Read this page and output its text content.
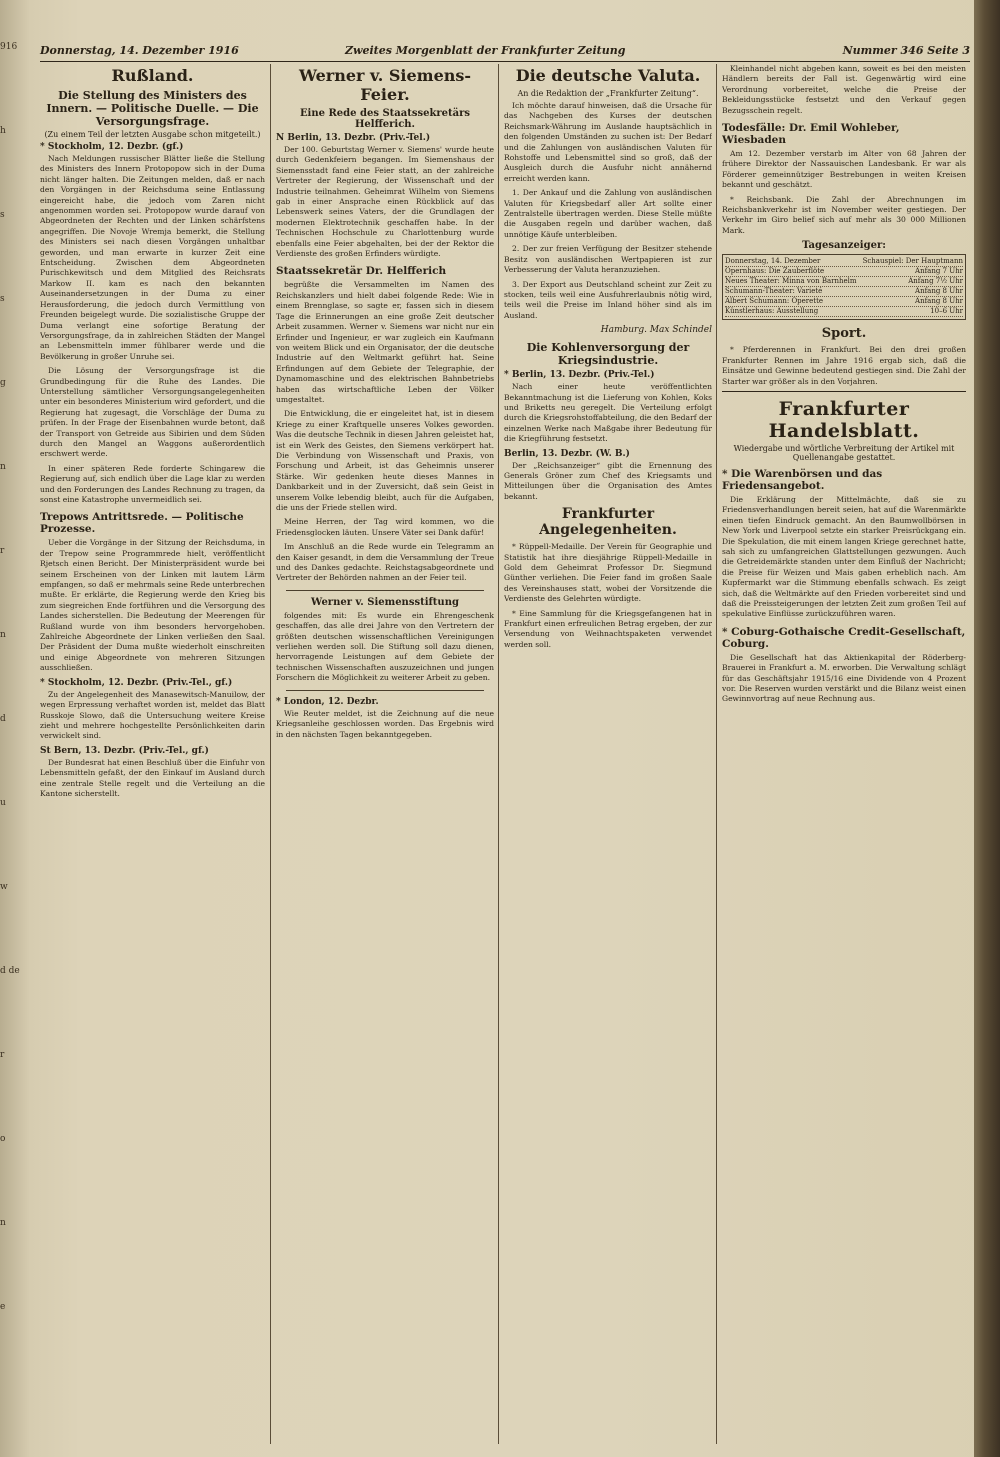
916
h
s
s
g
n
r
n
d
u
w
d de
r
o
n
e
Donnerstag, 14. Dezember 1916	Zweites Morgenblatt der Frankfurter Zeitung	Nummer 346 Seite 3
Rußland.
Die Stellung des Ministers des Innern. — Politische Duelle. — Die Versorgungsfrage.
(Zu einem Teil der letzten Ausgabe schon mitgeteilt.)
* Stockholm, 12. Dezbr. (gf.)

Nach Meldungen russischer Blätter ließe die Stellung des Ministers des Innern Protopopow sich in der Duma nicht länger halten. Die Zeitungen melden, daß er nach den Vorgängen in der Reichsduma seine Entlassung eingereicht habe, die jedoch vom Zaren nicht angenommen worden sei. Protopopow wurde darauf von Abgeordneten der Rechten und der Linken schärfstens angegriffen. Die Novoje Wremja bemerkt, die Stellung des Ministers sei nach diesen Vorgängen unhaltbar geworden, und man erwarte in kurzer Zeit eine Entscheidung. Zwischen dem Abgeordneten Purischkewitsch und dem Mitglied des Reichsrats Markow II. kam es nach den bekannten Auseinandersetzungen in der Duma zu einer Herausforderung, die jedoch durch Vermittlung von Freunden beigelegt wurde. Die sozialistische Gruppe der Duma verlangt eine sofortige Beratung der Versorgungsfrage, da in zahlreichen Städten der Mangel an Lebensmitteln immer fühlbarer werde und die Bevölkerung in großer Unruhe sei.

Die Lösung der Versorgungsfrage ist die Grundbedingung für die Ruhe des Landes. Die Unterstellung sämtlicher Versorgungsangelegenheiten unter ein besonderes Ministerium wird gefordert, und die Regierung hat zugesagt, die Vorschläge der Duma zu prüfen. In der Frage der Eisenbahnen wurde betont, daß der Transport von Getreide aus Sibirien und dem Süden durch den Mangel an Waggons außerordentlich erschwert werde.

In einer späteren Rede forderte Schingarew die Regierung auf, sich endlich über die Lage klar zu werden und den Forderungen des Landes Rechnung zu tragen, da sonst eine Katastrophe unvermeidlich sei.

Trepows Antrittsrede. — Politische Prozesse.

Ueber die Vorgänge in der Sitzung der Reichsduma, in der Trepow seine Programmrede hielt, veröffentlicht Rjetsch einen Bericht. Der Ministerpräsident wurde bei seinem Erscheinen von der Linken mit lautem Lärm empfangen, so daß er mehrmals seine Rede unterbrechen mußte. Er erklärte, die Regierung werde den Krieg bis zum siegreichen Ende fortführen und die Versorgung des Landes sicherstellen. Die Bedeutung der Meerengen für Rußland wurde von ihm besonders hervorgehoben. Zahlreiche Abgeordnete der Linken verließen den Saal. Der Präsident der Duma mußte wiederholt einschreiten und einige Abgeordnete von mehreren Sitzungen ausschließen.

* Stockholm, 12. Dezbr. (Priv.-Tel., gf.)

Zu der Angelegenheit des Manasewitsch-Manuilow, der wegen Erpressung verhaftet worden ist, meldet das Blatt Russkoje Slowo, daß die Untersuchung weitere Kreise zieht und mehrere hochgestellte Persönlichkeiten darin verwickelt sind.

St Bern, 13. Dezbr. (Priv.-Tel., gf.)

Der Bundesrat hat einen Beschluß über die Einfuhr von Lebensmitteln gefaßt, der den Einkauf im Ausland durch eine zentrale Stelle regelt und die Verteilung an die Kantone sicherstellt.

Werner v. Siemens-Feier.
Eine Rede des Staatssekretärs Helfferich.
N Berlin, 13. Dezbr. (Priv.-Tel.)

Der 100. Geburtstag Werner v. Siemens' wurde heute durch Gedenkfeiern begangen. Im Siemenshaus der Siemensstadt fand eine Feier statt, an der zahlreiche Vertreter der Regierung, der Wissenschaft und der Industrie teilnahmen. Geheimrat Wilhelm von Siemens gab in einer Ansprache einen Rückblick auf das Lebenswerk seines Vaters, der die Grundlagen der modernen Elektrotechnik geschaffen habe. In der Technischen Hochschule zu Charlottenburg wurde ebenfalls eine Feier abgehalten, bei der der Rektor die Verdienste des großen Erfinders würdigte.

Staatssekretär Dr. Helfferich

begrüßte die Versammelten im Namen des Reichskanzlers und hielt dabei folgende Rede: Wie in einem Brennglase, so sagte er, fassen sich in diesem Tage die Erinnerungen an eine große Zeit deutscher Arbeit zusammen. Werner v. Siemens war nicht nur ein Erfinder und Ingenieur, er war zugleich ein Kaufmann von weitem Blick und ein Organisator, der die deutsche Industrie auf den Weltmarkt geführt hat. Seine Erfindungen auf dem Gebiete der Telegraphie, der Dynamomaschine und des elektrischen Bahnbetriebs haben das wirtschaftliche Leben der Völker umgestaltet.

Die Entwicklung, die er eingeleitet hat, ist in diesem Kriege zu einer Kraftquelle unseres Volkes geworden. Was die deutsche Technik in diesen Jahren geleistet hat, ist ein Werk des Geistes, den Siemens verkörpert hat. Die Verbindung von Wissenschaft und Praxis, von Forschung und Arbeit, ist das Geheimnis unserer Stärke. Wir gedenken heute dieses Mannes in Dankbarkeit und in der Zuversicht, daß sein Geist in unserem Volke lebendig bleibt, auch für die Aufgaben, die uns der Friede stellen wird.

Meine Herren, der Tag wird kommen, wo die Friedensglocken läuten. Unsere Väter sei Dank dafür!

Im Anschluß an die Rede wurde ein Telegramm an den Kaiser gesandt, in dem die Versammlung der Treue und des Dankes gedachte. Reichstagsabgeordnete und Vertreter der Behörden nahmen an der Feier teil.

Werner v. Siemensstiftung

folgendes mit: Es wurde ein Ehrengeschenk geschaffen, das alle drei Jahre von den Vertretern der größten deutschen wissenschaftlichen Vereinigungen verliehen werden soll. Die Stiftung soll dazu dienen, hervorragende Leistungen auf dem Gebiete der technischen Wissenschaften auszuzeichnen und jungen Forschern die Möglichkeit zu weiterer Arbeit zu geben.

* London, 12. Dezbr.

Wie Reuter meldet, ist die Zeichnung auf die neue Kriegsanleihe geschlossen worden. Das Ergebnis wird in den nächsten Tagen bekanntgegeben.

Die deutsche Valuta.
An die Redaktion der „Frankfurter Zeitung“.

Ich möchte darauf hinweisen, daß die Ursache für das Nachgeben des Kurses der deutschen Reichsmark-Währung im Auslande hauptsächlich in den folgenden Umständen zu suchen ist: Der Bedarf und die Zahlungen von ausländischen Valuten für Rohstoffe und Lebensmittel sind so groß, daß der Ausgleich durch die Ausfuhr nicht annähernd erreicht werden kann.

1. Der Ankauf und die Zahlung von ausländischen Valuten für Kriegsbedarf aller Art sollte einer Zentralstelle übertragen werden. Diese Stelle müßte die Ausgaben regeln und darüber wachen, daß unnötige Käufe unterbleiben.

2. Der zur freien Verfügung der Besitzer stehende Besitz von ausländischen Wertpapieren ist zur Verbesserung der Valuta heranzuziehen.

3. Der Export aus Deutschland scheint zur Zeit zu stocken, teils weil eine Ausfuhrerlaubnis nötig wird, teils weil die Preise im Inland höher sind als im Ausland.

Hamburg. Max Schindel
Die Kohlenversorgung der Kriegsindustrie.
* Berlin, 13. Dezbr. (Priv.-Tel.)

Nach einer heute veröffentlichten Bekanntmachung ist die Lieferung von Kohlen, Koks und Briketts neu geregelt. Die Verteilung erfolgt durch die Kriegsrohstoffabteilung, die den Bedarf der einzelnen Werke nach Maßgabe ihrer Bedeutung für die Kriegführung festsetzt.

Berlin, 13. Dezbr. (W. B.)

Der „Reichsanzeiger“ gibt die Ernennung des Generals Gröner zum Chef des Kriegsamts und Mitteilungen über die Organisation des Amtes bekannt.

Frankfurter Angelegenheiten.

* Rüppell-Medaille. Der Verein für Geographie und Statistik hat ihre diesjährige Rüppell-Medaille in Gold dem Geheimrat Professor Dr. Siegmund Günther verliehen. Die Feier fand im großen Saale des Vereinshauses statt, wobei der Vorsitzende die Verdienste des Gelehrten würdigte.

* Eine Sammlung für die Kriegsgefangenen hat in Frankfurt einen erfreulichen Betrag ergeben, der zur Versendung von Weihnachtspaketen verwendet werden soll.

Kleinhandel nicht abgeben kann, soweit es bei den meisten Händlern bereits der Fall ist. Gegenwärtig wird eine Verordnung vorbereitet, welche die Preise der Bekleidungsstücke festsetzt und den Verkauf gegen Bezugsschein regelt.

Todesfälle: Dr. Emil Wohleber, Wiesbaden

Am 12. Dezember verstarb im Alter von 68 Jahren der frühere Direktor der Nassauischen Landesbank. Er war als Förderer gemeinnütziger Bestrebungen in weiten Kreisen bekannt und geschätzt.

* Reichsbank. Die Zahl der Abrechnungen im Reichsbankverkehr ist im November weiter gestiegen. Der Verkehr im Giro belief sich auf mehr als 30 000 Millionen Mark.

Tagesanzeiger:
Donnerstag, 14. Dezember	Schauspiel: Der Hauptmann
Opernhaus: Die Zauberflöte	Anfang 7 Uhr
Neues Theater: Minna von Barnhelm	Anfang 7½ Uhr
Schumann-Theater: Varieté	Anfang 8 Uhr
Albert Schumann: Operette	Anfang 8 Uhr
Künstlerhaus: Ausstellung	10–6 Uhr
Sport.

* Pferderennen in Frankfurt. Bei den drei großen Frankfurter Rennen im Jahre 1916 ergab sich, daß die Einsätze und Gewinne bedeutend gestiegen sind. Die Zahl der Starter war größer als in den Vorjahren.

Frankfurter Handelsblatt.
Wiedergabe und wörtliche Verbreitung der Artikel mit Quellenangabe gestattet.
* Die Warenbörsen und das Friedensangebot.

Die Erklärung der Mittelmächte, daß sie zu Friedensverhandlungen bereit seien, hat auf die Warenmärkte einen tiefen Eindruck gemacht. An den Baumwollbörsen in New York und Liverpool setzte ein starker Preisrückgang ein. Die Spekulation, die mit einem langen Kriege gerechnet hatte, sah sich zu umfangreichen Glattstellungen gezwungen. Auch die Getreidemärkte standen unter dem Einfluß der Nachricht; die Preise für Weizen und Mais gaben erheblich nach. Am Kupfermarkt war die Stimmung ebenfalls schwach. Es zeigt sich, daß die Weltmärkte auf den Frieden vorbereitet sind und daß die Preissteigerungen der letzten Zeit zum großen Teil auf spekulative Einflüsse zurückzuführen waren.

* Coburg-Gothaische Credit-Gesellschaft, Coburg.

Die Gesellschaft hat das Aktienkapital der Röderberg-Brauerei in Frankfurt a. M. erworben. Die Verwaltung schlägt für das Geschäftsjahr 1915/16 eine Dividende von 4 Prozent vor. Die Reserven wurden verstärkt und die Bilanz weist einen Gewinnvortrag auf neue Rechnung aus.
